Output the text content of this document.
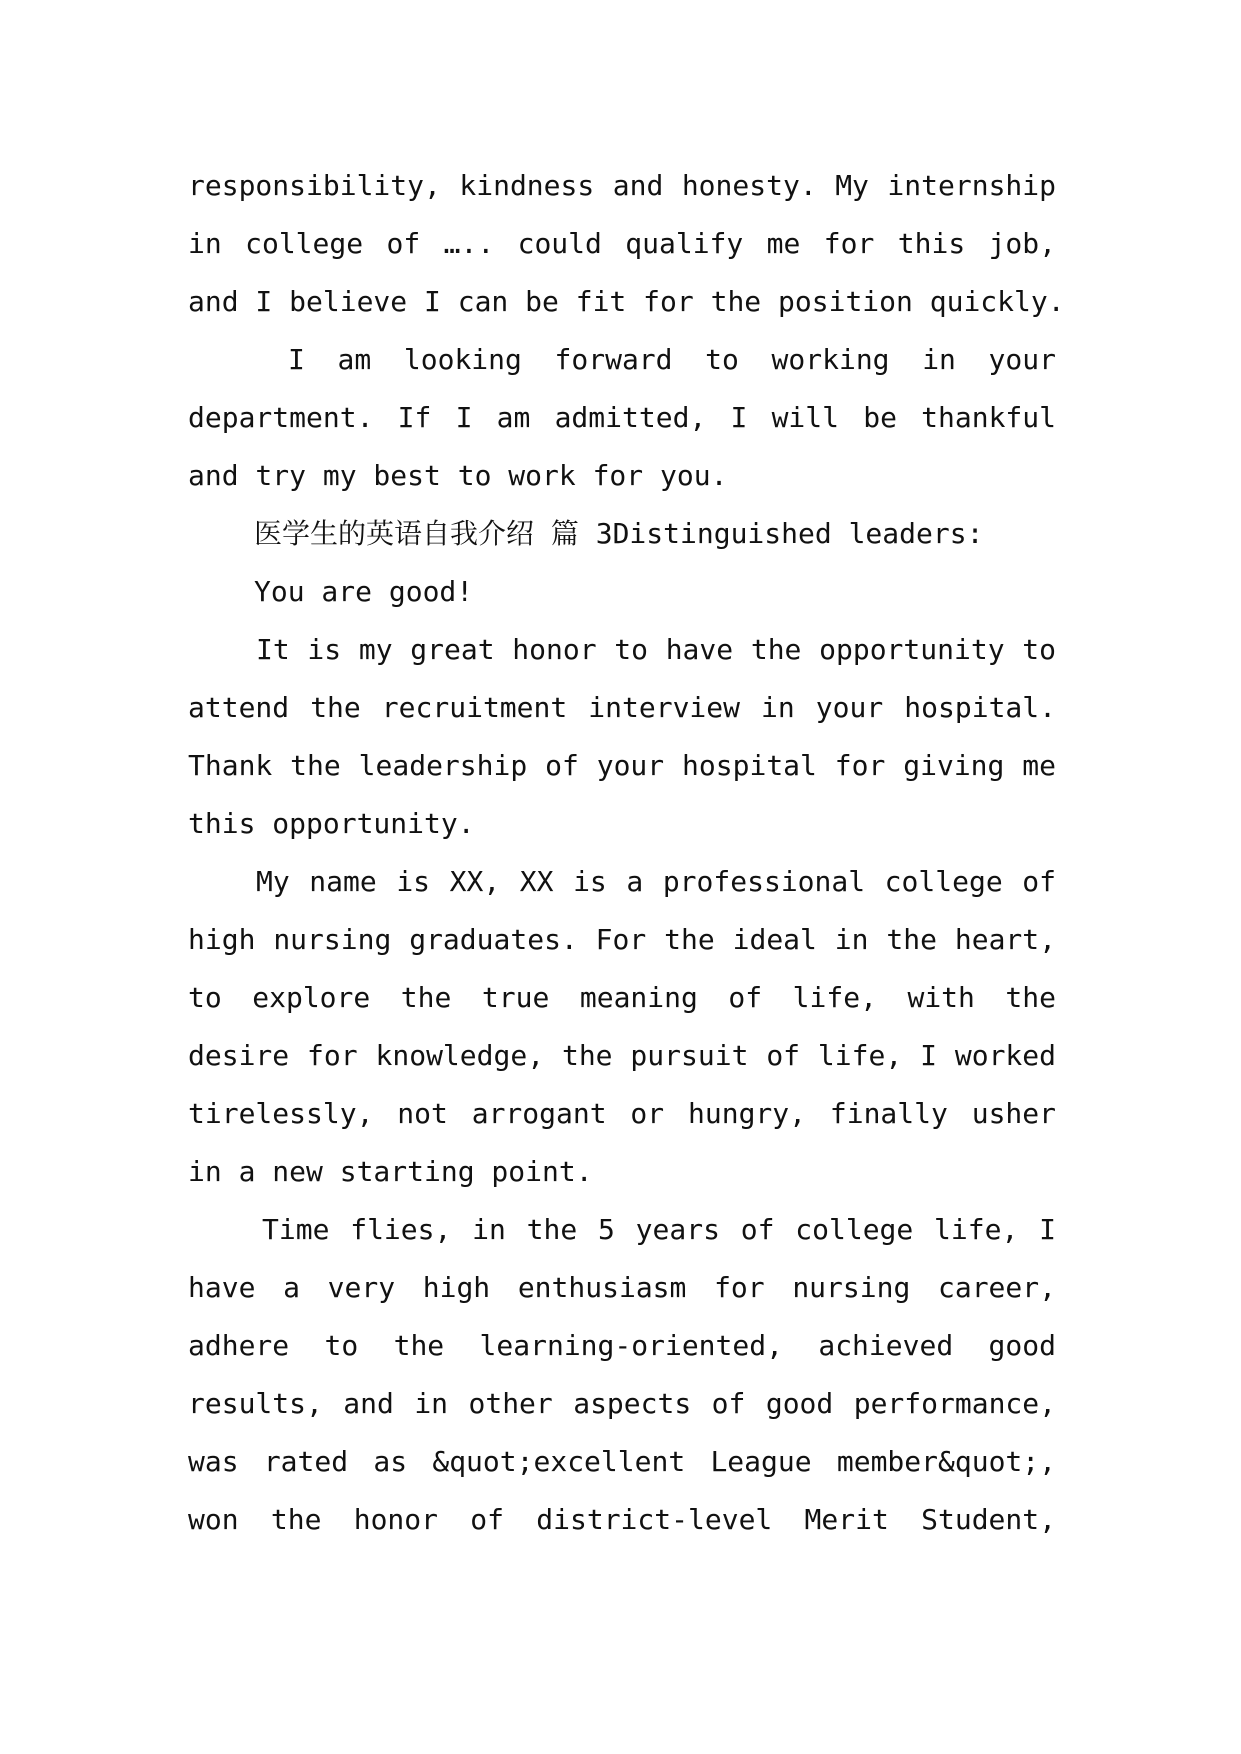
responsibility, kindness and honesty. My internship
in college of ….. could qualify me for this job,
and I believe I can be fit for the position quickly.
I am looking forward to working in your
department. If I am admitted, I will be thankful
and try my best to work for you.
医学生的英语自我介绍 篇 3Distinguished leaders:
You are good!
It is my great honor to have the opportunity to
attend the recruitment interview in your hospital.
Thank the leadership of your hospital for giving me
this opportunity.
My name is XX, XX is a professional college of
high nursing graduates. For the ideal in the heart,
to explore the true meaning of life, with the
desire for knowledge, the pursuit of life, I worked
tirelessly, not arrogant or hungry, finally usher
in a new starting point.
Time flies, in the 5 years of college life, I
have a very high enthusiasm for nursing career,
adhere to the learning-oriented, achieved good
results, and in other aspects of good performance,
was rated as &quot;excellent League member&quot;,
won the honor of district-level Merit Student,
